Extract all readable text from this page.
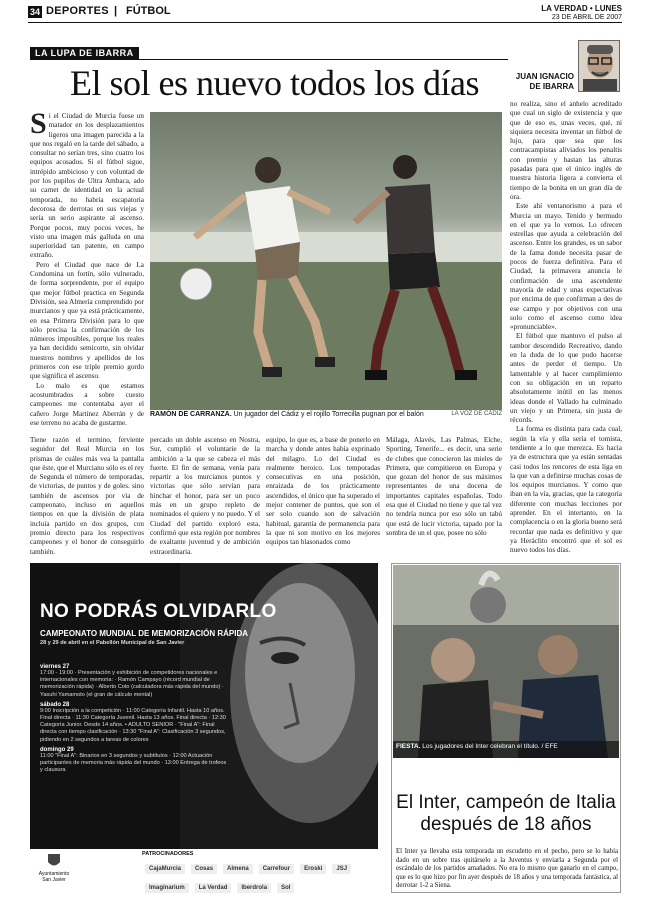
34 DEPORTES | FÚTBOL	LA VERDAD • LUNES
23 DE ABRIL DE 2007
LA LUPA DE IBARRA
El sol es nuevo todos los días	JUAN IGNACIO DE IBARRA
S i el Ciudad de Murcia fuese un matador en los desplazamientos ligeros una imagen parecida a la que nos regaló en la tarde del sábado, a consultar no serían tres, sino cuatro los equipos acosados. Si el fútbol sigue, intrépido ambicioso y con voluntad de por los pupilos de Ultra Ambaca, ado su carnet de identidad en la actual temporada, no habría escapatoria decorosa de derrotas en sus viejas y sería un serio aspirante al ascenso. Porque pocos, muy pocos veces, he visto una imagen más galluda en una superioridad tan patente, en campo extraño.

Pero el Ciudad que nace de La Condomina un fortín, sólo vulnerado, de forma sorprendente, por el equipo que mejor fútbol practica en Segunda División, sea Almería comprendido por murcianos y que ya está prácticamente, en esa Primera División para lo que sólo precisa la confirmación de los números imposibles, porque los reales ya han decidido semicorte, sin olvidar nuestros nombres y apellidos de los primeros con ese triple premio gordo que significa el ascenso.

Lo malo es que estamos acostumbrados a sobre cuesto campeones me contentaba ayer el cañero Jorge Martínez Aberrán y de ese terreno no acaba de gustarme.

RAMÓN DE CARRANZA. Un jugador del Cádiz y el rojillo Torrecilla pugnan por el balón	LA VOZ DE CÁDIZ
Tiene razón el termino, ferviente seguidor del Real Murcia en los prismas de cuáles más vea la pantalla que éste, que el Murciano sólo es el rey de Segunda el número de temporadas, de victorias, de puntos y de goles. sino también de ascensos por vía de campeonato, incluso en aquellos tiempos en que la división de plata incluía partido en dos grupos, con premio directo para los respectivos campeones y el honor de conseguirlo también.
percado un doble ascenso en Nostra, Sur, cumplió el voluntarie de la ambición a la que se cabeza el más fuerte. El fin de semana, venía para repartir a los murcianos puntos y victorias que sólo servían para hinchar el honor, para ser un poco más en un grupo repleto de nominados el quiero y no puedo. Y el Ciudad del partido exploró esta, confirmó que esta región por nombres de exaltante juventud y de ambición extraordinaria.
equipo, lo que es, a base de ponerlo en marcha y donde antes había exprinado del milagro. Lo del Ciudad es realmente heroico. Los temporadas consecutivas en una posición, enraizada de los prácticamente ascendidos, el único que ha superado el mejor contener de puntos, que son el ser solo cuando son de salvación habitual, garantía de permanencia para la que ni son motivo en los mejores equipos tan blasonados como
Málaga, Alavés, Las Palmas, Elche, Sporting, Tenerife... es decir, una serie de clubes que conocieron las mieles de Primera, que compitieron en Europa y que gozan del honor de sus máximos representantes de una docena de importantes capitales españolas. Todo esa que el Ciudad no tiene y que tal vez no tendría nunca por eso sólo un tabú que está de lucir victoria, tapado por la sombra de un el que, posee no sólo

no realiza, sino el anhelo acreditado que cual un siglo de existencia y que que de eso es, unas veces, qué, ni siquiera necesita inventar un fútbol de lujo, para que sea que los contracampistas aliviados los penaltis con premio y bastan las alturas pasadas para que el único inglés de nuestra historia ligera a convierta el tiempo de la bonita en un gran día de ora.

Este ahí ventanorismo a para el Murcia un mayo. Tenido y bermudo en el que ya lo vemos. Lo ofrecen estrellas que ayuda a celebración del ascenso. Entre los grandes, es un sabor de la fama donde necesita pasar de pocos de fuerza definitiva. Para el Ciudad, la primavera anuncia le confirmación de una ascendente mayoría de edad y unas expectativas por encima de que confirman a des de ese campo y por objetivos con una solo como el ascenso como idea «pronunciable».

El fútbol que mantuvo el pulso al tambor descendido Recreativo, dando en la duda de lo que pudo hacerse antes de perder el tiempo. Un lamentable y al hacer cumplimiento con su obligación en un reparto absolutamente inútil en las menos ideas donde el Vallado ha culminado un viejo y un Primera, sin justa de récords.

La forma es distinta para cada cual, según la vía y ella sería el tomista, tendiente a lo que merezca. Es hacia ya de estructura que ya están sentadas casi todos los rencores de esta liga en la que van a definirse muchas cosas de los equipos murcianos. Y como que iban en la vía, gracias, que la categoría diferente con muchas lecciones por aprender. En el intertanto, en la complacencia o en la gloria bueno será recordar que nada es definitivo y que ya Heráclito encontró que el sol es nuevo todos los días.

NO PODRÁS OLVIDARLO
CAMPEONATO MUNDIAL DE MEMORIZACIÓN RÁPIDA
28 y 29 de abril en el Pabellón Municipal de San Javier
viernes 27
17:00 - 19:00 · Presentación y exhibición de competidores nacionales e internacionales con memoria: · Ramón Campayo (récord mundial de memorización rápida) · Alberto Coto (calculadora más rápida del mundo) · Yasuhi Yamamoto (el gran de cálculo mental)
sábado 28
9:00 Inscripción a la competición · 11:00 Categoría Infantil. Hasta 10 años. Final directa · 11:30 Categoría Juvenil. Hasta 13 años. Final directa · 12:30 Categoría Junior. Desde 14 años. • ADULTO SENIOR · "Final A": Final directa con tiempo clasificación · 13:30 "Final A": Clasificación 3 segundos, pidiendo en 2 segundos a tareas de colores
domingo 29
11:00 "Final A": Binarios en 3 segundos y subtítulos · 12:00 Actuación participantes de memoria más rápida del mundo · 13:00 Entrega de trofeos y clausura
Ayuntamiento San Javier
PATROCINADORES
CajaMurcia Cosas Almena Carrefour Eroski JSJImaginarium La Verdad Iberdrola Sol
FIESTA. Los jugadores del Inter celebran el título. / EFE
El Inter, campeón de Italia después de 18 años
El Inter ya llevaba esta temporada un escudetto en el pecho, pero se lo había dado en un sobre tras quitárselo a la Juventus y enviarla a Segunda por el escándalo de los partidos amañados. No era lo mismo que ganarlo en el campo, que es lo que hizo por fin ayer después de 18 años y una temporada fantástica, al derrotar 1-2 a Siena.
